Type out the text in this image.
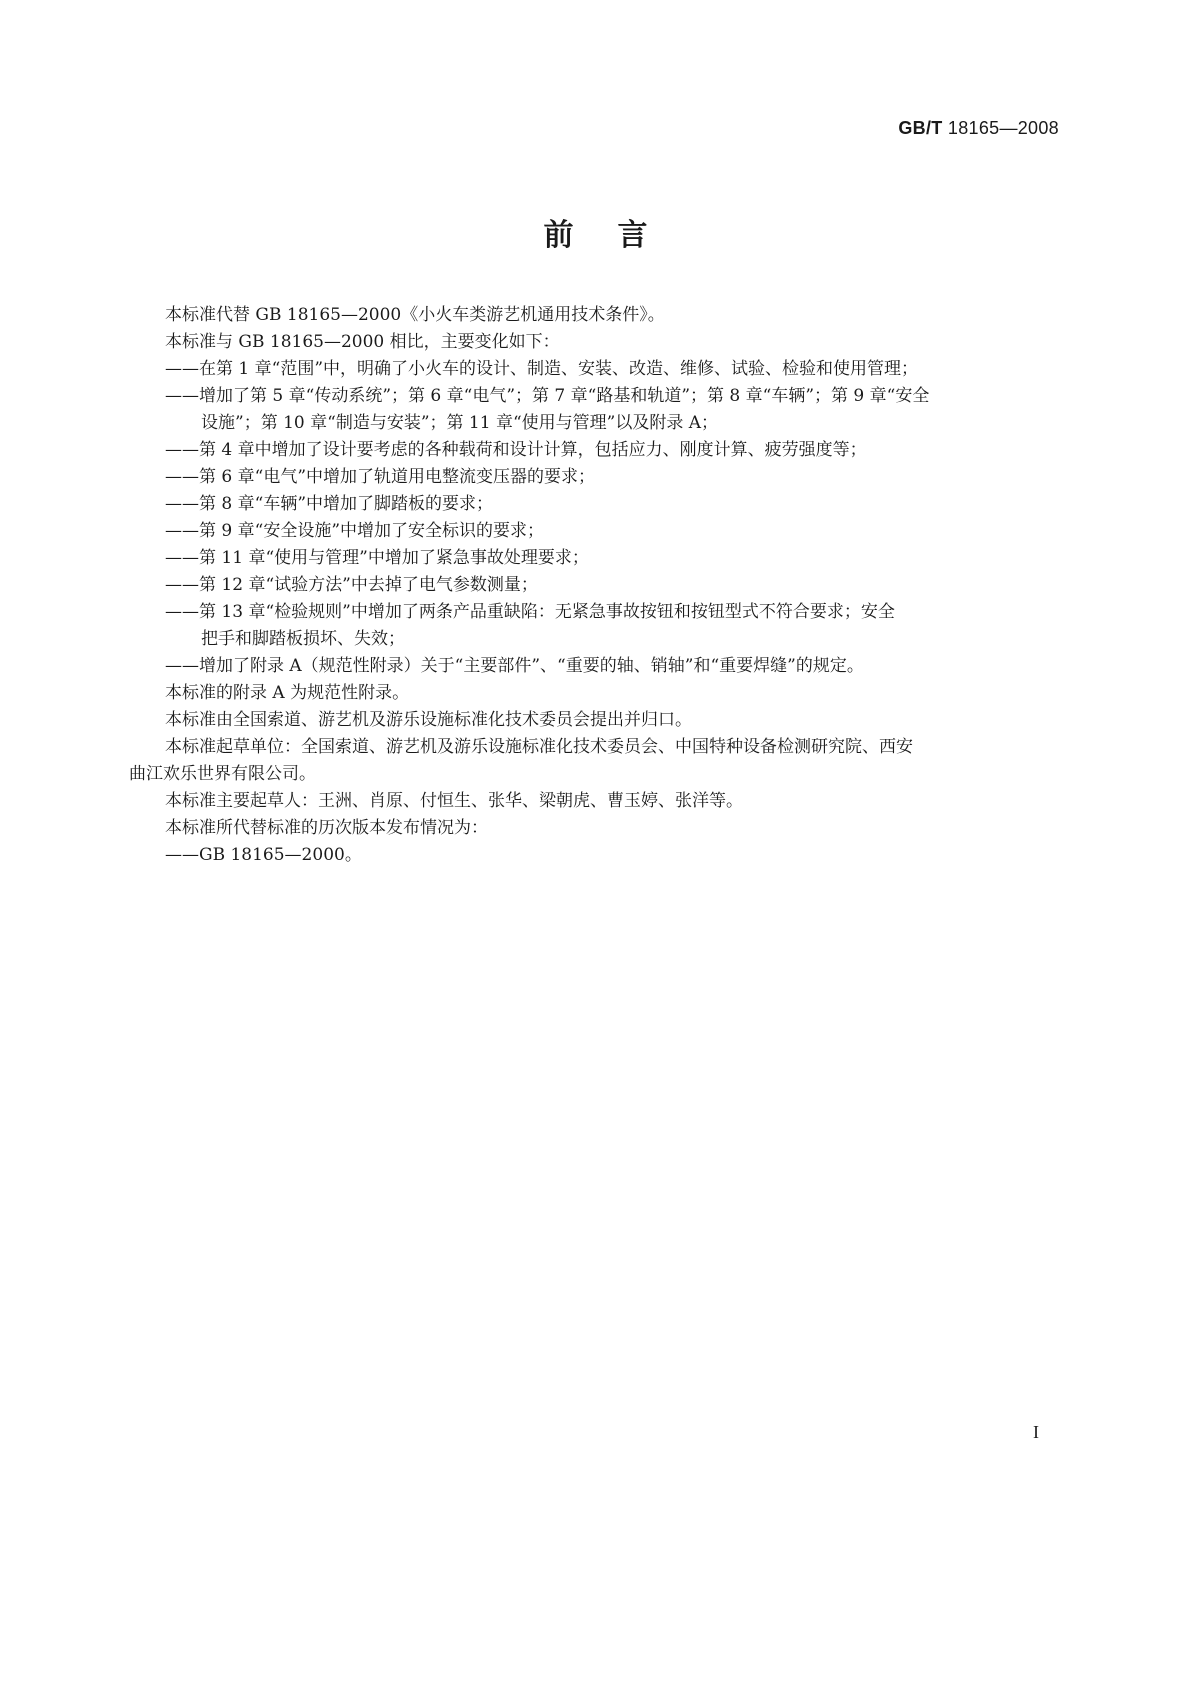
GB/T 18165—2008
前言

本标准代替 GB 18165—2000《小火车类游艺机通用技术条件》。

本标准与 GB 18165—2000 相比，主要变化如下：

——在第 1 章“范围”中，明确了小火车的设计、制造、安装、改造、维修、试验、检验和使用管理；

——增加了第 5 章“传动系统”；第 6 章“电气”；第 7 章“路基和轨道”；第 8 章“车辆”；第 9 章“安全

设施”；第 10 章“制造与安装”；第 11 章“使用与管理”以及附录 A；

——第 4 章中增加了设计要考虑的各种载荷和设计计算，包括应力、刚度计算、疲劳强度等；

——第 6 章“电气”中增加了轨道用电整流变压器的要求；

——第 8 章“车辆”中增加了脚踏板的要求；

——第 9 章“安全设施”中增加了安全标识的要求；

——第 11 章“使用与管理”中增加了紧急事故处理要求；

——第 12 章“试验方法”中去掉了电气参数测量；

——第 13 章“检验规则”中增加了两条产品重缺陷：无紧急事故按钮和按钮型式不符合要求；安全

把手和脚踏板损坏、失效；

——增加了附录 A（规范性附录）关于“主要部件”、“重要的轴、销轴”和“重要焊缝”的规定。

本标准的附录 A 为规范性附录。

本标准由全国索道、游艺机及游乐设施标准化技术委员会提出并归口。

本标准起草单位：全国索道、游艺机及游乐设施标准化技术委员会、中国特种设备检测研究院、西安

曲江欢乐世界有限公司。

本标准主要起草人：王洲、肖原、付恒生、张华、梁朝虎、曹玉婷、张洋等。

本标准所代替标准的历次版本发布情况为：

——GB 18165—2000。

I
